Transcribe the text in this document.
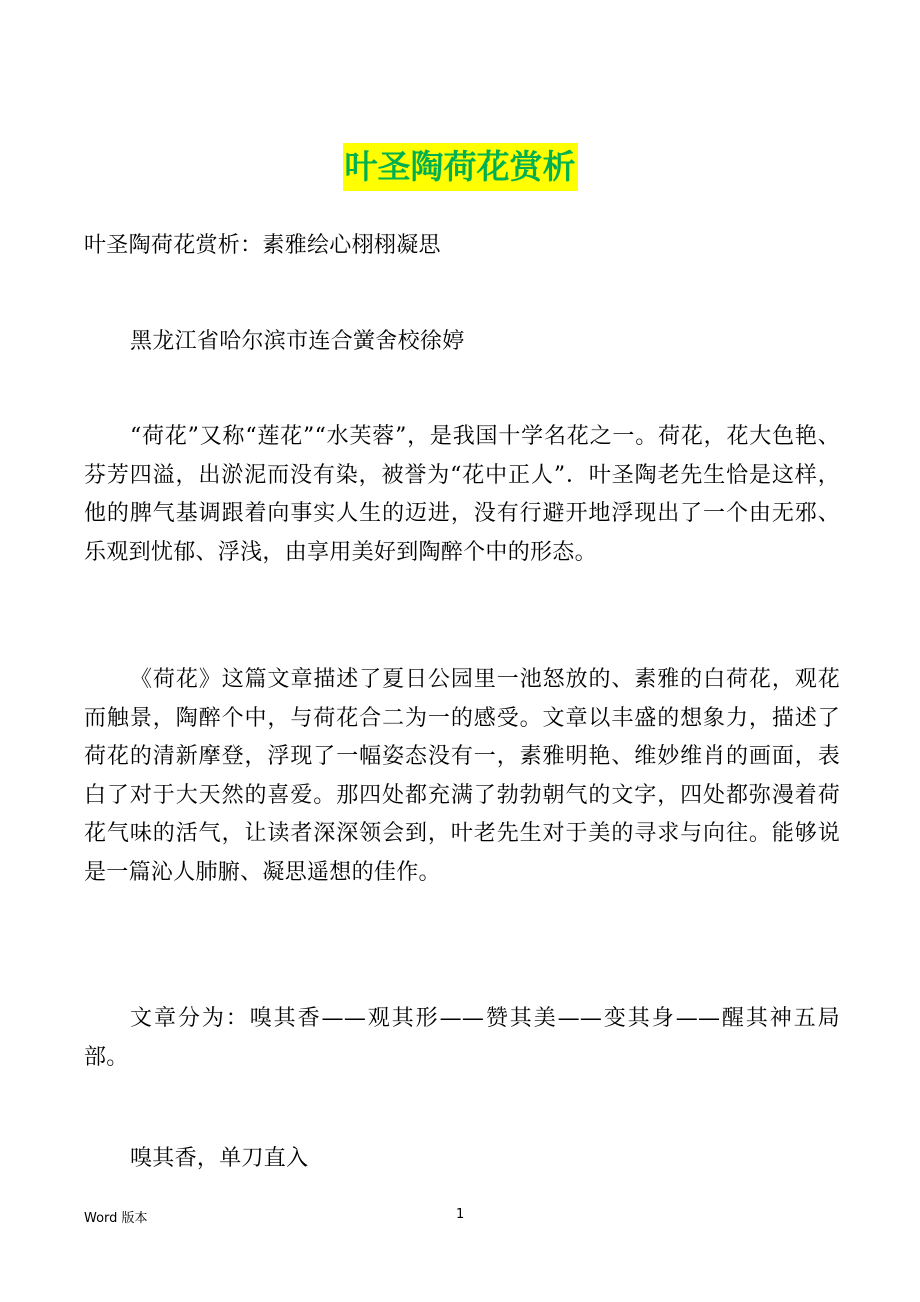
叶圣陶荷花赏析

叶圣陶荷花赏析：素雅绘心栩栩凝思

黑龙江省哈尔滨市连合黉舍校徐婷

“荷花”又称“莲花”“水芙蓉”，是我国十学名花之一。荷花，花大色艳、芬芳四溢，出淤泥而没有染，被誉为“花中正人”．叶圣陶老先生恰是这样，他的脾气基调跟着向事实人生的迈进，没有行避开地浮现出了一个由无邪、乐观到忧郁、浮浅，由享用美好到陶醉个中的形态。

《荷花》这篇文章描述了夏日公园里一池怒放的、素雅的白荷花，观花而触景，陶醉个中，与荷花合二为一的感受。文章以丰盛的想象力，描述了荷花的清新摩登，浮现了一幅姿态没有一，素雅明艳、维妙维肖的画面，表白了对于大天然的喜爱。那四处都充满了勃勃朝气的文字，四处都弥漫着荷花气味的活气，让读者深深领会到，叶老先生对于美的寻求与向往。能够说是一篇沁人肺腑、凝思遥想的佳作。

文章分为：嗅其香——观其形——赞其美——变其身——醒其神五局部。

嗅其香，单刀直入

Word 版本	1
